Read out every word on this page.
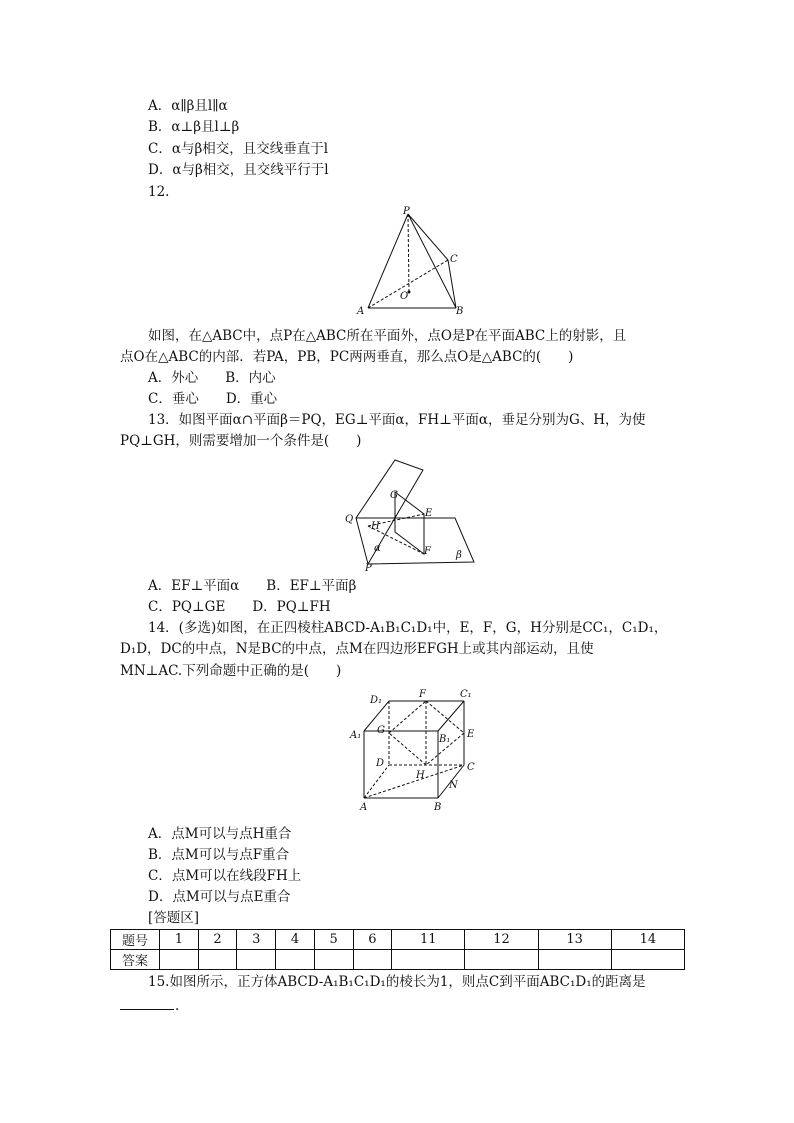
A．α∥β且l∥α
B．α⊥β且l⊥β
C．α与β相交，且交线垂直于l
D．α与β相交，且交线平行于l
12.
P
C
O
A	B
如图，在△ABC中，点P在△ABC所在平面外，点O是P在平面ABC上的射影，且
点O在△ABC的内部．若PA，PB，PC两两垂直，那么点O是△ABC的(　　)
A．外心　　B．内心
C．垂心　　D．重心
13．如图平面α∩平面β＝PQ，EG⊥平面α，FH⊥平面α，垂足分别为G、H，为使
PQ⊥GH，则需要增加一个条件是(　　)
G
E
Q
H
F
α
β
P
A．EF⊥平面α　　B．EF⊥平面β
C．PQ⊥GE　　D．PQ⊥FH
14．(多选)如图，在正四棱柱ABCD-A₁B₁C₁D₁中，E，F，G，H分别是CC₁，C₁D₁，
D₁D，DC的中点，N是BC的中点，点M在四边形EFGH上或其内部运动，且使
MN⊥AC.下列命题中正确的是(　　)
D₁
F	C₁
A₁ G
B₁ E
D
H
C
N
A	B
A．点M可以与点H重合
B．点M可以与点F重合
C．点M可以在线段FH上
D．点M可以与点E重合
[答题区]
题号	1	2	3	4	5	6	11	12	13	14
答案										
15.如图所示，正方体ABCD-A₁B₁C₁D₁的棱长为1，则点C到平面ABC₁D₁的距离是
.
